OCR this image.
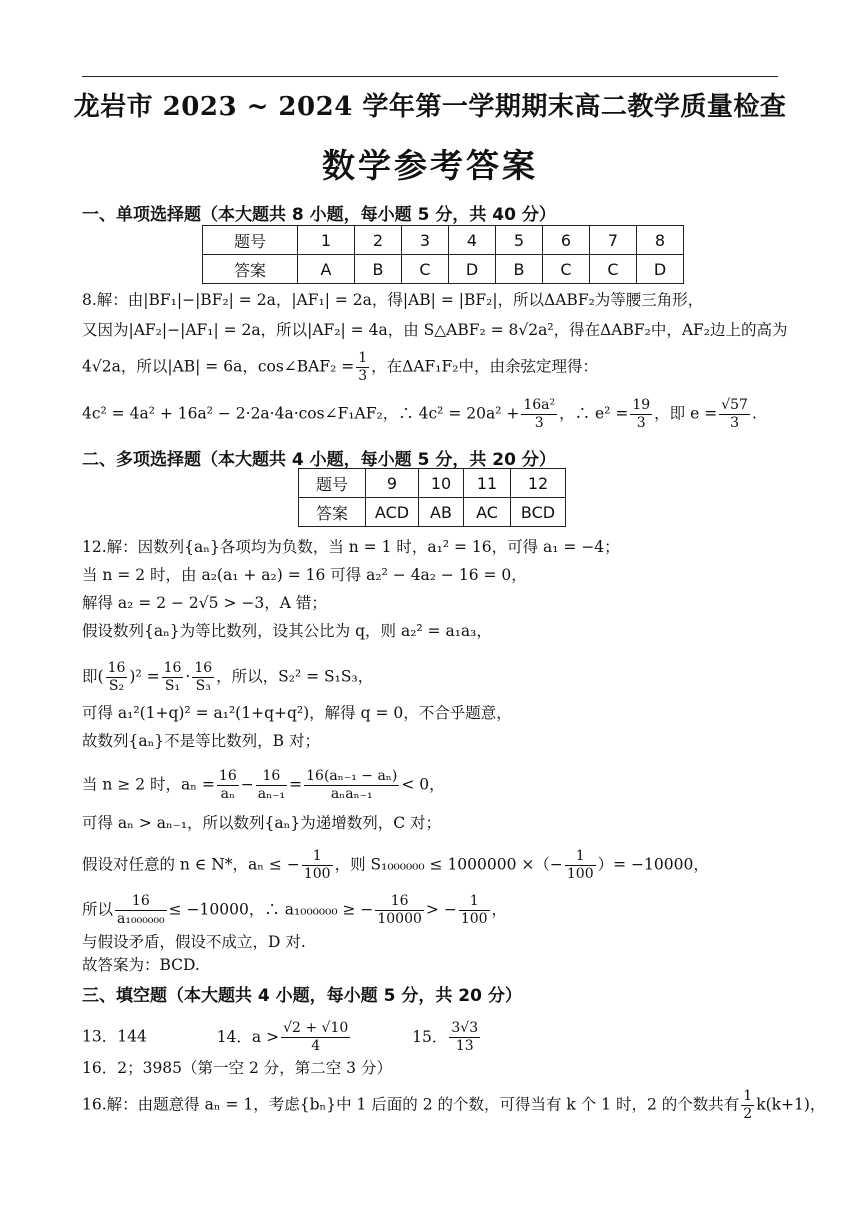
龙岩市 2023 ~ 2024 学年第一学期期末高二教学质量检查
数学参考答案
一、单项选择题（本大题共 8 小题，每小题 5 分，共 40 分）
题号	1	2	3	4	5	6	7	8
答案	A	B	C	D	B	C	C	D
8.解：由|BF₁|−|BF₂| = 2a，|AF₁| = 2a，得|AB| = |BF₂|，所以ΔABF₂为等腰三角形，
又因为|AF₂|−|AF₁| = 2a，所以|AF₂| = 4a，由 S△ABF₂ = 8√2a²，得在ΔABF₂中，AF₂边上的高为
4√2a，所以|AB| = 6a，cos∠BAF₂ = $\frac{1}{3}$ ，在ΔAF₁F₂中，由余弦定理得：
4c² = 4a² + 16a² − 2·2a·4a·cos∠F₁AF₂，∴ $4c^2 = 20a^2 + \frac{\text{16a²}}{3}$ ，∴ $e^2 = \frac{19}{3}$ ，即 $e = \frac{√57}{3}$ .
二、多项选择题（本大题共 4 小题，每小题 5 分，共 20 分）
题号	9	10	11	12
答案	ACD	AB	AC	BCD
12.解：因数列{aₙ}各项均为负数，当 n = 1 时，a₁² = 16，可得 a₁ = −4；
当 n = 2 时，由 a₂(a₁ + a₂) = 16 可得 a₂² − 4a₂ − 16 = 0，
解得 a₂ = 2 − 2√5 > −3，A 错；
假设数列{aₙ}为等比数列，设其公比为 q，则 a₂² = a₁a₃，
即( $\frac{16}{\text{S₂}} )^2 = \frac{16}{\text{S₁}} \cdot \frac{16}{\text{S₃}}$ ，所以，S₂² = S₁S₃，
可得 a₁²(1+q)² = a₁²(1+q+q²)，解得 q = 0，不合乎题意，
故数列{aₙ}不是等比数列，B 对；
当 n ≥ 2 时，$a_n = \frac{16}{\text{aₙ}} - \frac{16}{\text{aₙ₋₁}} = \frac{\text{16(aₙ₋₁ − aₙ)}}{\text{aₙaₙ₋₁}} < 0$，
可得 aₙ > aₙ₋₁，所以数列{aₙ}为递增数列，C 对；
假设对任意的 n ∈ N*，aₙ ≤ − $\frac{1}{100}$ ，则 S₁₀₀₀₀₀₀ ≤ 1000000 ×（− $\frac{1}{100}$ ）= −10000，
所以 $\frac{16}{\text{a₁₀₀₀₀₀₀}} \le -10000$，∴ a₁₀₀₀₀₀₀ ≥ − $\frac{16}{10000}$ > − $\frac{1}{100}$ ，
与假设矛盾，假设不成立，D 对.
故答案为：BCD.
三、填空题（本大题共 4 小题，每小题 5 分，共 20 分）
13．144	14．$a > \frac{√2 + √10}{4}$	15． $\frac{3√3}{13}$
16．2；3985（第一空 2 分，第二空 3 分）
16.解：由题意得 aₙ = 1，考虑{bₙ}中 1 后面的 2 的个数，可得当有 k 个 1 时，2 的个数共有 $\frac{1}{2} k(k+1)$，
